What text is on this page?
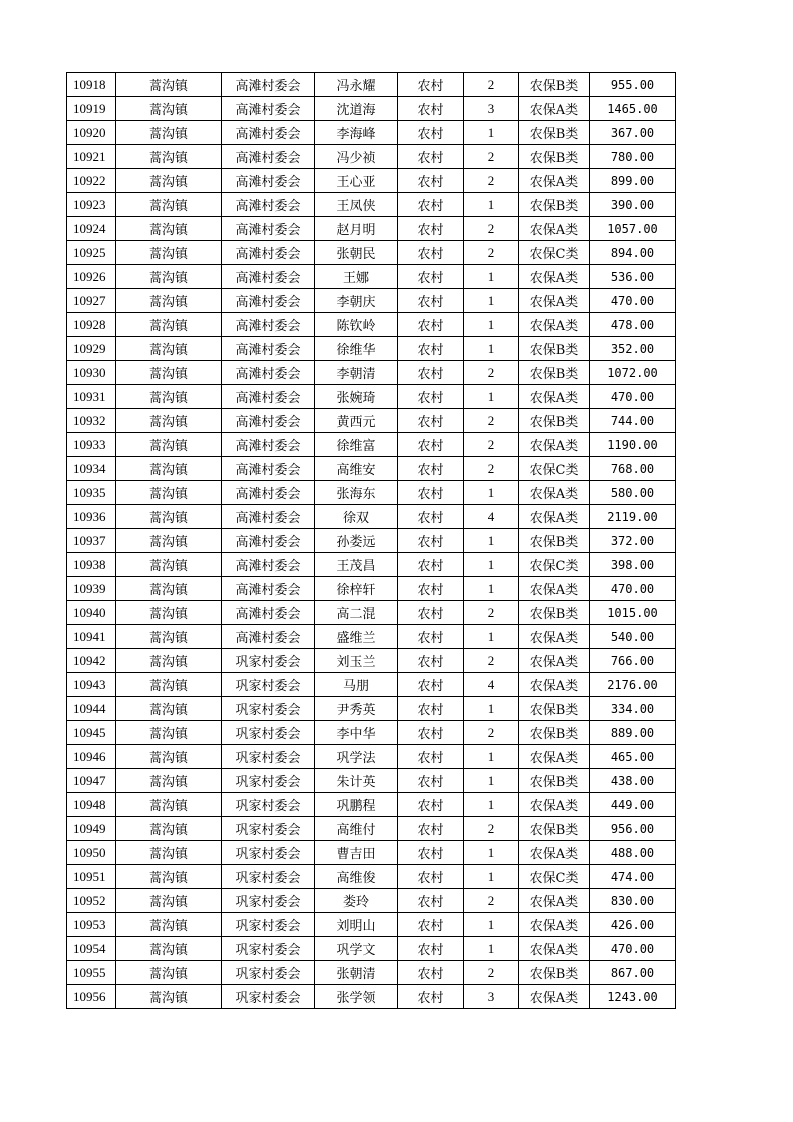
10918	蒿沟镇	高滩村委会	冯永耀	农村	2	农保B类	955.00
10919	蒿沟镇	高滩村委会	沈道海	农村	3	农保A类	1465.00
10920	蒿沟镇	高滩村委会	李海峰	农村	1	农保B类	367.00
10921	蒿沟镇	高滩村委会	冯少祯	农村	2	农保B类	780.00
10922	蒿沟镇	高滩村委会	王心亚	农村	2	农保A类	899.00
10923	蒿沟镇	高滩村委会	王凤侠	农村	1	农保B类	390.00
10924	蒿沟镇	高滩村委会	赵月明	农村	2	农保A类	1057.00
10925	蒿沟镇	高滩村委会	张朝民	农村	2	农保C类	894.00
10926	蒿沟镇	高滩村委会	王娜	农村	1	农保A类	536.00
10927	蒿沟镇	高滩村委会	李朝庆	农村	1	农保A类	470.00
10928	蒿沟镇	高滩村委会	陈钦岭	农村	1	农保A类	478.00
10929	蒿沟镇	高滩村委会	徐维华	农村	1	农保B类	352.00
10930	蒿沟镇	高滩村委会	李朝清	农村	2	农保B类	1072.00
10931	蒿沟镇	高滩村委会	张婉琦	农村	1	农保A类	470.00
10932	蒿沟镇	高滩村委会	黄西元	农村	2	农保B类	744.00
10933	蒿沟镇	高滩村委会	徐维富	农村	2	农保A类	1190.00
10934	蒿沟镇	高滩村委会	高维安	农村	2	农保C类	768.00
10935	蒿沟镇	高滩村委会	张海东	农村	1	农保A类	580.00
10936	蒿沟镇	高滩村委会	徐双	农村	4	农保A类	2119.00
10937	蒿沟镇	高滩村委会	孙娄远	农村	1	农保B类	372.00
10938	蒿沟镇	高滩村委会	王茂昌	农村	1	农保C类	398.00
10939	蒿沟镇	高滩村委会	徐梓轩	农村	1	农保A类	470.00
10940	蒿沟镇	高滩村委会	高二混	农村	2	农保B类	1015.00
10941	蒿沟镇	高滩村委会	盛维兰	农村	1	农保A类	540.00
10942	蒿沟镇	巩家村委会	刘玉兰	农村	2	农保A类	766.00
10943	蒿沟镇	巩家村委会	马朋	农村	4	农保A类	2176.00
10944	蒿沟镇	巩家村委会	尹秀英	农村	1	农保B类	334.00
10945	蒿沟镇	巩家村委会	李中华	农村	2	农保B类	889.00
10946	蒿沟镇	巩家村委会	巩学法	农村	1	农保A类	465.00
10947	蒿沟镇	巩家村委会	朱计英	农村	1	农保B类	438.00
10948	蒿沟镇	巩家村委会	巩鹏程	农村	1	农保A类	449.00
10949	蒿沟镇	巩家村委会	高维付	农村	2	农保B类	956.00
10950	蒿沟镇	巩家村委会	曹吉田	农村	1	农保A类	488.00
10951	蒿沟镇	巩家村委会	高维俊	农村	1	农保C类	474.00
10952	蒿沟镇	巩家村委会	娄玲	农村	2	农保A类	830.00
10953	蒿沟镇	巩家村委会	刘明山	农村	1	农保A类	426.00
10954	蒿沟镇	巩家村委会	巩学文	农村	1	农保A类	470.00
10955	蒿沟镇	巩家村委会	张朝清	农村	2	农保B类	867.00
10956	蒿沟镇	巩家村委会	张学领	农村	3	农保A类	1243.00
